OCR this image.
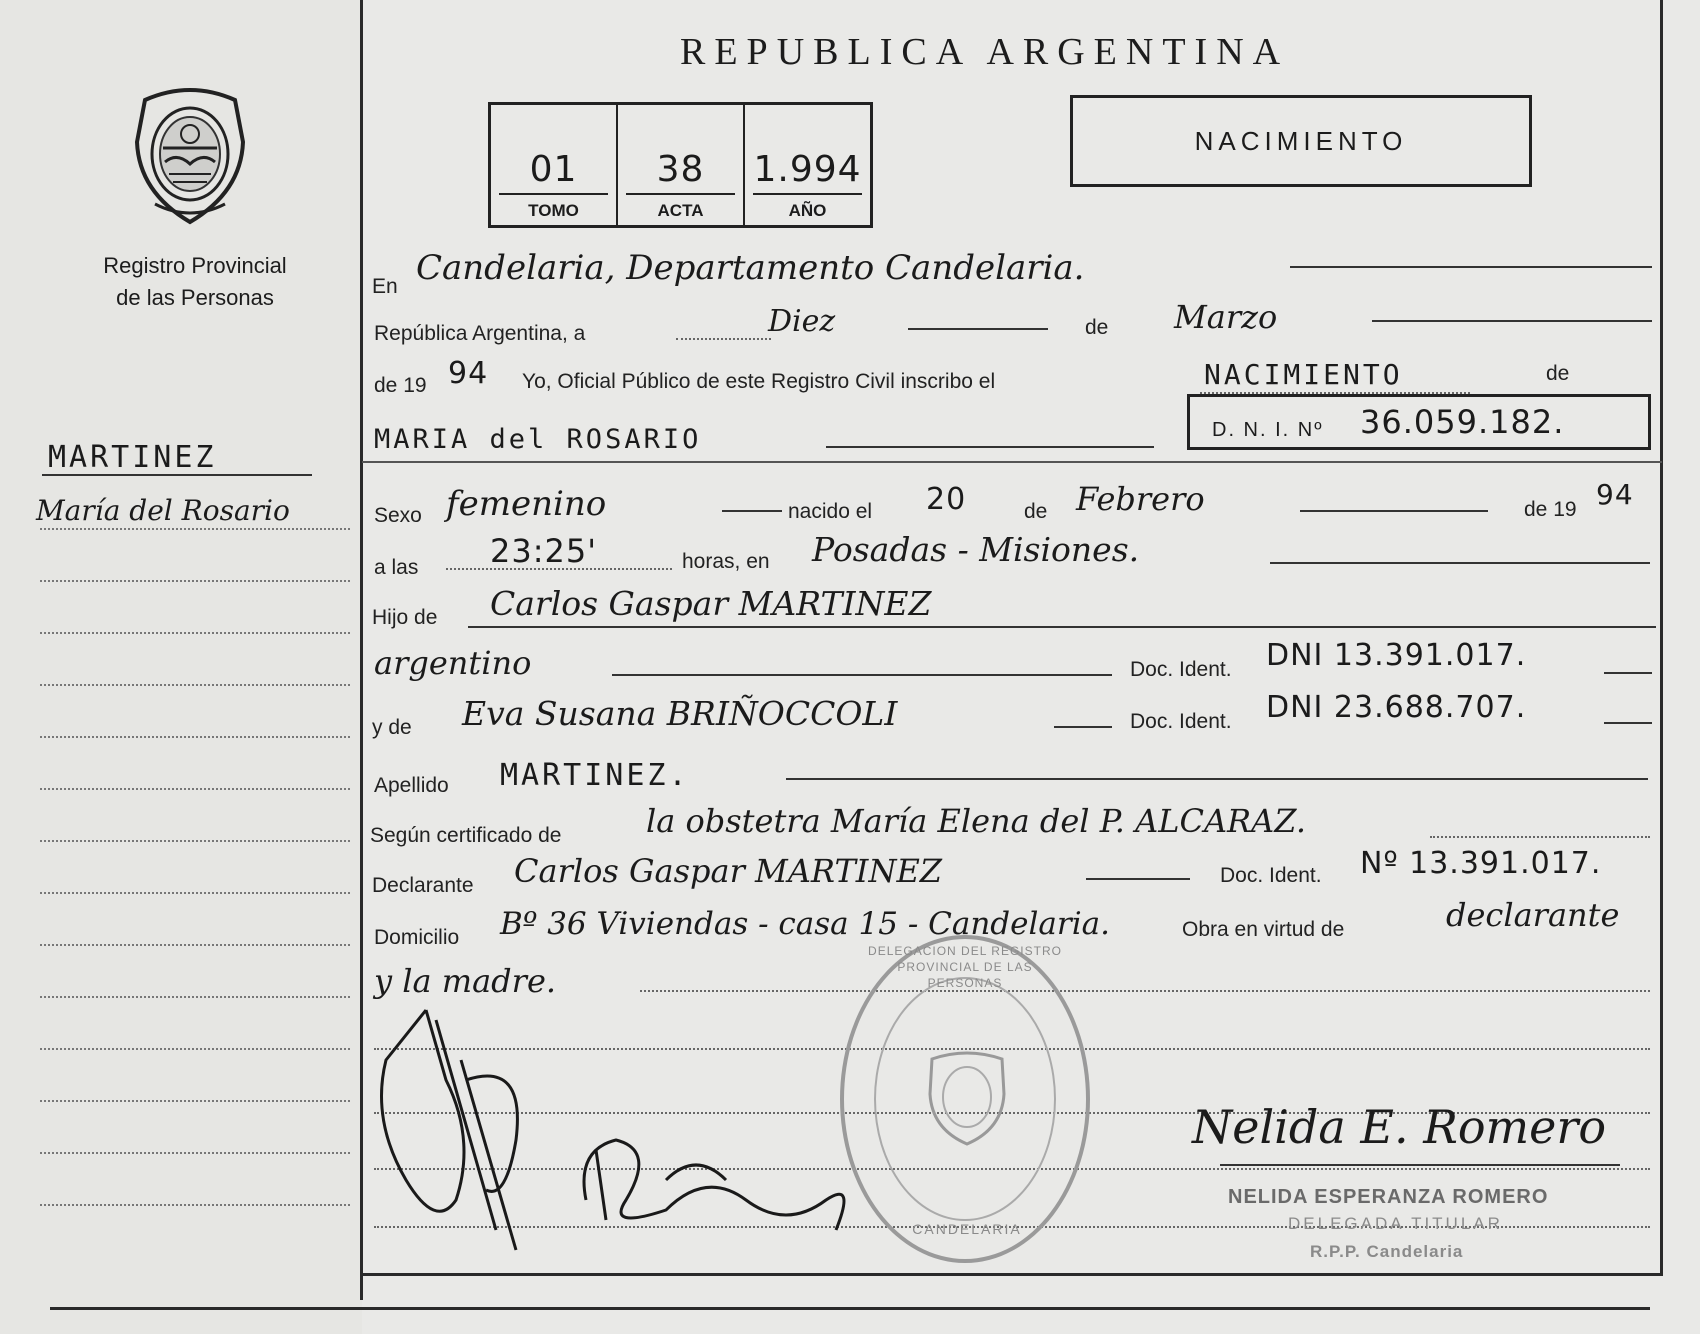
Registro Provincial
de las Personas
MARTINEZ
María del Rosario
REPUBLICA ARGENTINA
01
TOMO
38
ACTA
1.994
AÑO
NACIMIENTO
En Candelaria, Departamento Candelaria.
República Argentina, a	Diez	de Marzo
de 19 94 Yo, Oficial Público de este Registro Civil inscribo el	NACIMIENTO	de
MARIA del ROSARIO	D. N. I. Nº 36.059.182.
Sexo femenino	nacido el 20	de Febrero	de 19 94
a las 23:25'	horas, en Posadas - Misiones.
Hijo de Carlos Gaspar MARTINEZ
argentino	Doc. Ident. DNI 13.391.017.
y de Eva Susana BRIÑOCCOLI	Doc. Ident. DNI 23.688.707.
Apellido MARTINEZ.
Según certificado de	la obstetra María Elena del P. ALCARAZ.
Declarante Carlos Gaspar MARTINEZ	Doc. Ident. Nº 13.391.017.
Domicilio Bº 36 Viviendas - casa 15 - Candelaria.	Obra en virtud de	declarante
y la madre.
DELEGACION DEL REGISTRO PROVINCIAL DE LAS PERSONAS
CANDELARIA
Nelida E. Romero
NELIDA ESPERANZA ROMERO
DELEGADA TITULAR
R.P.P. Candelaria
